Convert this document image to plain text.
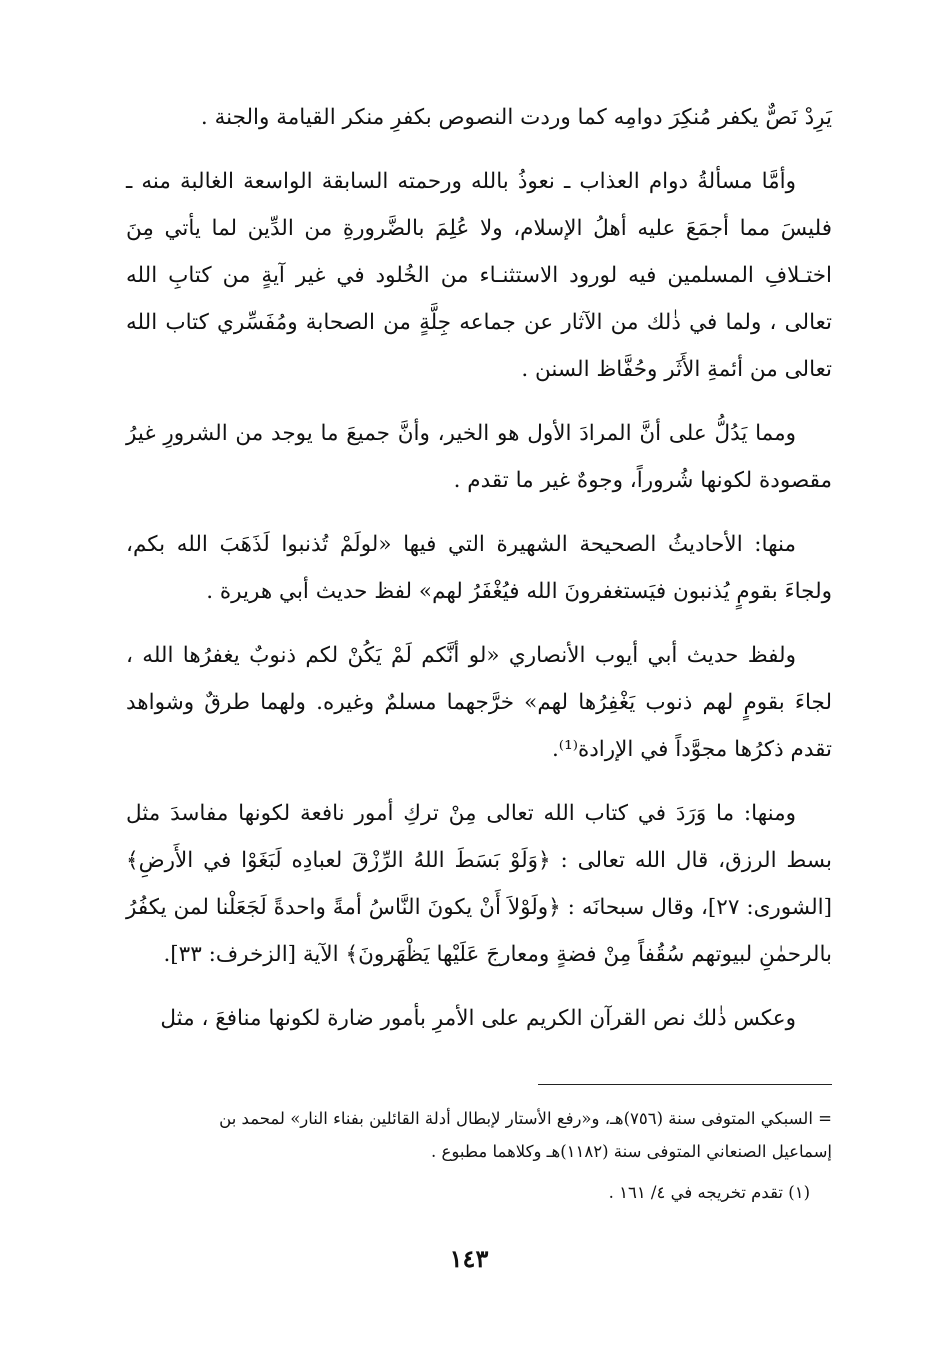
يَرِدْ نَصٌّ يكفر مُنكِرَ دوامِه كما وردت النصوص بكفرِ منكر القيامة والجنة .

وأمَّا مسألةُ دوام العذاب ـ نعوذُ بالله ورحمته السابقة الواسعة الغالبة منه ـ فليسَ مما أجمَعَ عليه أهلُ الإسلام، ولا عُلِمَ بالضَّرورةِ من الدِّين لما يأتي مِنَ اختـلافِ المسلمين فيه لورود الاستثنـاء من الخُلود في غير آيةٍ من كتابِ الله تعالى ، ولما في ذٰلك من الآثار عن جماعه جِلَّةٍ من الصحابة ومُفَسِّري كتاب الله تعالى من أئمةِ الأَثَر وحُفَّاظ السنن .

ومما يَدُلُّ على أنَّ المرادَ الأول هو الخير، وأنَّ جميعَ ما يوجد من الشرورِ غيرُ مقصودة لكونها شُروراً، وجوهٌ غير ما تقدم .

منها: الأحاديثُ الصحيحة الشهيرة التي فيها «لولَمْ تُذنبوا لَذَهَبَ الله بكم، ولجاءَ بقومٍ يُذنبون فيَستغفرونَ الله فيُغْفَرُ لهم» لفظ حديث أبي هريرة .

ولفظ حديث أبي أيوب الأنصاري «لو أنَّكم لَمْ يَكُنْ لكم ذنوبٌ يغفرُها الله ، لجاءَ بقومٍ لهم ذنوب يَغْفِرُها لهم» خرَّجهما مسلمٌ وغيره. ولهما طرقٌ وشواهد تقدم ذكرُها مجوَّداً في الإرادة⁽¹⁾.

ومنها: ما وَرَدَ في كتاب الله تعالى مِنْ تركِ أمور نافعة لكونها مفاسدَ مثل بسط الرزق، قال الله تعالى : ﴿وَلَوْ بَسَطَ اللهُ الرِّزْقَ لعبادِه لَبَغَوْا في الأَرضِ﴾ [الشورى: ٢٧]، وقال سبحانَه : ﴿ولَوْلاَ أَنْ يكونَ النَّاسُ أمةً واحدةً لَجَعَلْنا لمن يكفُرُ بالرحمٰنِ لبيوتهم سُقُفاً مِنْ فضةٍ ومعارجَ عَلَيْها يَظْهَرونَ﴾ الآية [الزخرف: ٣٣].

وعكس ذٰلك نص القرآن الكريم على الأمرِ بأمور ضارة لكونها منافعَ ، مثل

= السبكي المتوفى سنة (٧٥٦)هـ، و«رفع الأستار لإبطال أدلة القائلين بفناء النار» لمحمد بن

إسماعيل الصنعاني المتوفى سنة (١١٨٢)هـ وكلاهما مطبوع .

(١) تقدم تخريجه في ٤/ ١٦١ .

١٤٣
